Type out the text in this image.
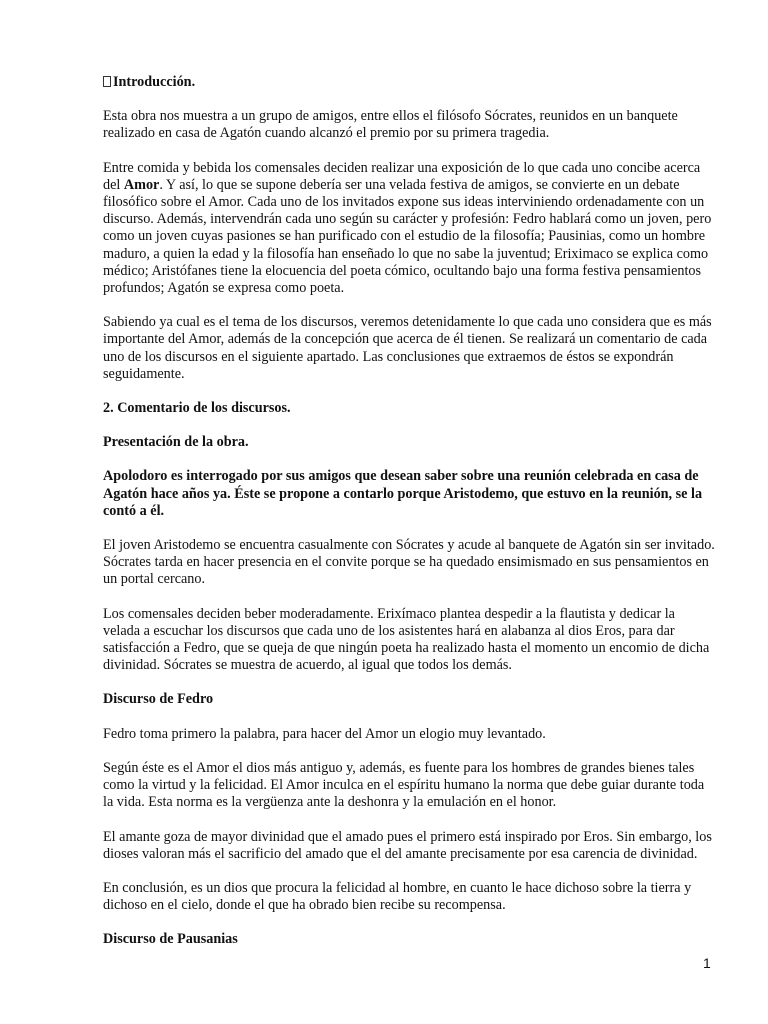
Introducción.

Esta obra nos muestra a un grupo de amigos, entre ellos el filósofo Sócrates, reunidos en un banquete realizado en casa de Agatón cuando alcanzó el premio por su primera tragedia.

Entre comida y bebida los comensales deciden realizar una exposición de lo que cada uno concibe acerca del Amor. Y así, lo que se supone debería ser una velada festiva de amigos, se convierte en un debate filosófico sobre el Amor. Cada uno de los invitados expone sus ideas interviniendo ordenadamente con un discurso. Además, intervendrán cada uno según su carácter y profesión: Fedro hablará como un joven, pero como un joven cuyas pasiones se han purificado con el estudio de la filosofía; Pausinias, como un hombre maduro, a quien la edad y la filosofía han enseñado lo que no sabe la juventud; Eriximaco se explica como médico; Aristófanes tiene la elocuencia del poeta cómico, ocultando bajo una forma festiva pensamientos profundos; Agatón se expresa como poeta.

Sabiendo ya cual es el tema de los discursos, veremos detenidamente lo que cada uno considera que es más importante del Amor, además de la concepción que acerca de él tienen. Se realizará un comentario de cada uno de los discursos en el siguiente apartado. Las conclusiones que extraemos de éstos se expondrán seguidamente.

2. Comentario de los discursos.

Presentación de la obra.

Apolodoro es interrogado por sus amigos que desean saber sobre una reunión celebrada en casa de Agatón hace años ya. Éste se propone a contarlo porque Aristodemo, que estuvo en la reunión, se la contó a él.

El joven Aristodemo se encuentra casualmente con Sócrates y acude al banquete de Agatón sin ser invitado. Sócrates tarda en hacer presencia en el convite porque se ha quedado ensimismado en sus pensamientos en un portal cercano.

Los comensales deciden beber moderadamente. Erixímaco plantea despedir a la flautista y dedicar la velada a escuchar los discursos que cada uno de los asistentes hará en alabanza al dios Eros, para dar satisfacción a Fedro, que se queja de que ningún poeta ha realizado hasta el momento un encomio de dicha divinidad. Sócrates se muestra de acuerdo, al igual que todos los demás.

Discurso de Fedro

Fedro toma primero la palabra, para hacer del Amor un elogio muy levantado.

Según éste es el Amor el dios más antiguo y, además, es fuente para los hombres de grandes bienes tales como la virtud y la felicidad. El Amor inculca en el espíritu humano la norma que debe guiar durante toda la vida. Esta norma es la vergüenza ante la deshonra y la emulación en el honor.

El amante goza de mayor divinidad que el amado pues el primero está inspirado por Eros. Sin embargo, los dioses valoran más el sacrificio del amado que el del amante precisamente por esa carencia de divinidad.

En conclusión, es un dios que procura la felicidad al hombre, en cuanto le hace dichoso sobre la tierra y dichoso en el cielo, donde el que ha obrado bien recibe su recompensa.

Discurso de Pausanias

1
